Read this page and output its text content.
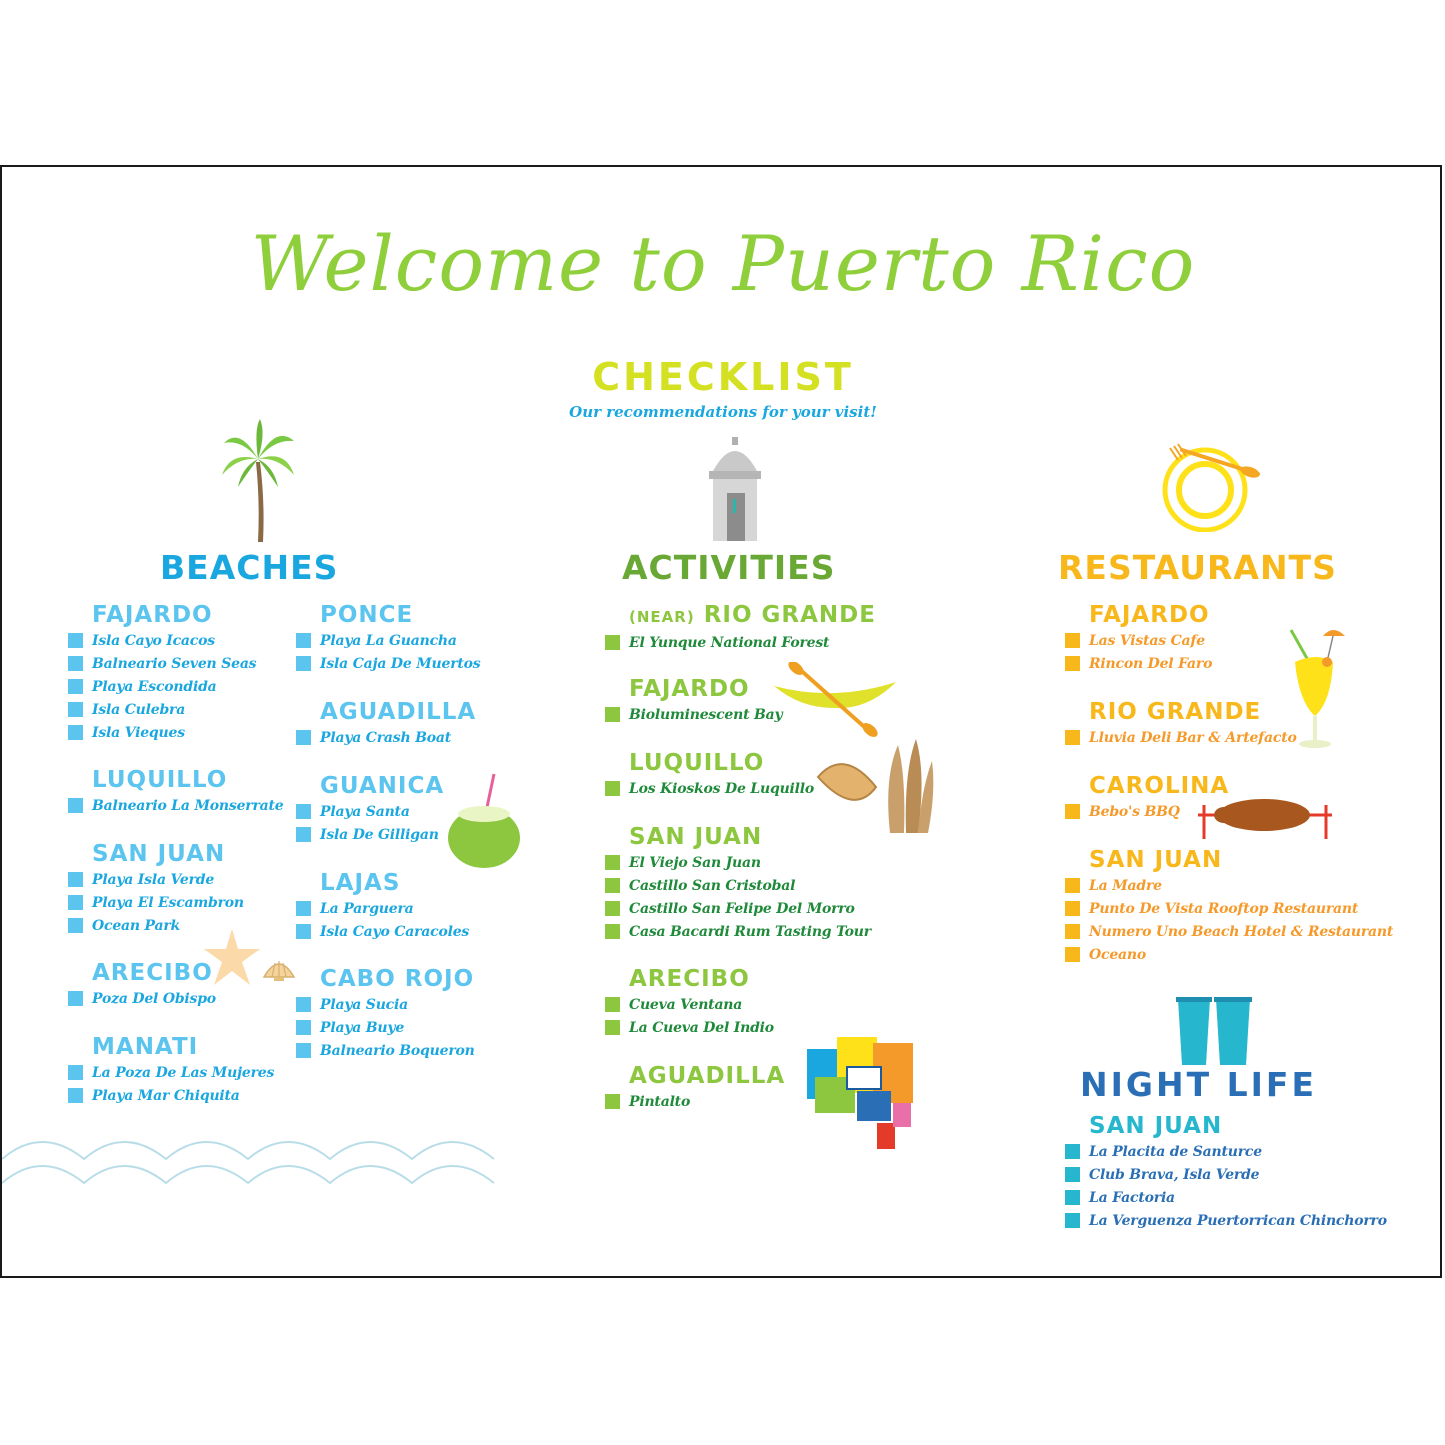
Welcome to Puerto Rico
CHECKLIST
Our recommendations for your visit!
BEACHES	ACTIVITIES	RESTAURANTS
NIGHT LIFE
FAJARDO
Isla Cayo Icacos
Balneario Seven Seas
Playa Escondida
Isla Culebra
Isla Vieques
LUQUILLO
Balneario La Monserrate
SAN JUAN
Playa Isla Verde
Playa El Escambron
Ocean Park
ARECIBO
Poza Del Obispo
MANATI
La Poza De Las Mujeres
Playa Mar Chiquita
PONCE
Playa La Guancha
Isla Caja De Muertos
AGUADILLA
Playa Crash Boat
GUANICA
Playa Santa
Isla De Gilligan
LAJAS
La Parguera
Isla Cayo Caracoles
CABO ROJO
Playa Sucia
Playa Buye
Balneario Boqueron
(NEAR) RIO GRANDE
El Yunque National Forest
FAJARDO
Bioluminescent Bay
LUQUILLO
Los Kioskos De Luquillo
SAN JUAN
El Viejo San Juan
Castillo San Cristobal
Castillo San Felipe Del Morro
Casa Bacardi Rum Tasting Tour
ARECIBO
Cueva Ventana
La Cueva Del Indio
AGUADILLA
Pintalto
FAJARDO
Las Vistas Cafe
Rincon Del Faro
RIO GRANDE
Lluvia Deli Bar & Artefacto
CAROLINA
Bebo's BBQ
SAN JUAN
La Madre
Punto De Vista Rooftop Restaurant
Numero Uno Beach Hotel & Restaurant
Oceano
SAN JUAN
La Placita de Santurce
Club Brava, Isla Verde
La Factoria
La Verguenza Puertorrican Chinchorro
